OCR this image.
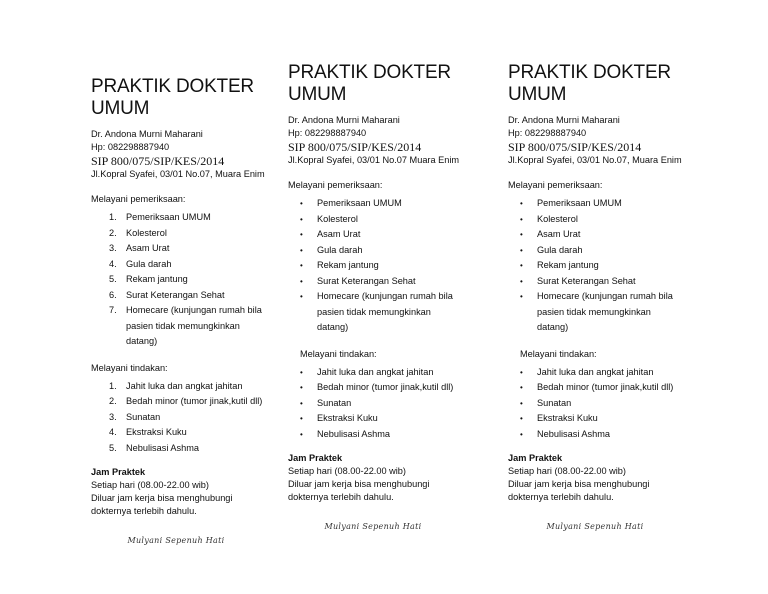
PRAKTIK DOKTER
UMUM
Dr. Andona Murni Maharani
Hp: 082298887940
SIP 800/075/SIP/KES/2014
Jl.Kopral Syafei, 03/01 No.07, Muara Enim
Melayani pemeriksaan:
1.	Pemeriksaan UMUM
2.	Kolesterol
3.	Asam Urat
4.	Gula darah
5.	Rekam jantung
6.	Surat Keterangan Sehat
7.	Homecare (kunjungan rumah bila
pasien tidak memungkinkan
datang)
Melayani tindakan:
1.	Jahit luka dan angkat jahitan
2.	Bedah minor (tumor jinak,kutil dll)
3.	Sunatan
4.	Ekstraksi Kuku
5.	Nebulisasi Ashma
Jam Praktek
Setiap hari (08.00-22.00 wib)
Diluar jam kerja bisa menghubungi
dokternya terlebih dahulu.
Mulyani Sepenuh Hati
PRAKTIK DOKTER
UMUM
Dr. Andona Murni Maharani
Hp: 082298887940
SIP 800/075/SIP/KES/2014
Jl.Kopral Syafei, 03/01 No.07 Muara Enim
Melayani pemeriksaan:
•	Pemeriksaan UMUM
•	Kolesterol
•	Asam Urat
•	Gula darah
•	Rekam jantung
•	Surat Keterangan Sehat
•	Homecare (kunjungan rumah bila
pasien tidak memungkinkan
datang)
Melayani tindakan:
•	Jahit luka dan angkat jahitan
•	Bedah minor (tumor jinak,kutil dll)
•	Sunatan
•	Ekstraksi Kuku
•	Nebulisasi Ashma
Jam Praktek
Setiap hari (08.00-22.00 wib)
Diluar jam kerja bisa menghubungi
dokternya terlebih dahulu.
Mulyani Sepenuh Hati
PRAKTIK DOKTER
UMUM
Dr. Andona Murni Maharani
Hp: 082298887940
SIP 800/075/SIP/KES/2014
Jl.Kopral Syafei, 03/01 No.07, Muara Enim
Melayani pemeriksaan:
•	Pemeriksaan UMUM
•	Kolesterol
•	Asam Urat
•	Gula darah
•	Rekam jantung
•	Surat Keterangan Sehat
•	Homecare (kunjungan rumah bila
pasien tidak memungkinkan
datang)
Melayani tindakan:
•	Jahit luka dan angkat jahitan
•	Bedah minor (tumor jinak,kutil dll)
•	Sunatan
•	Ekstraksi Kuku
•	Nebulisasi Ashma
Jam Praktek
Setiap hari (08.00-22.00 wib)
Diluar jam kerja bisa menghubungi
dokternya terlebih dahulu.
Mulyani Sepenuh Hati
